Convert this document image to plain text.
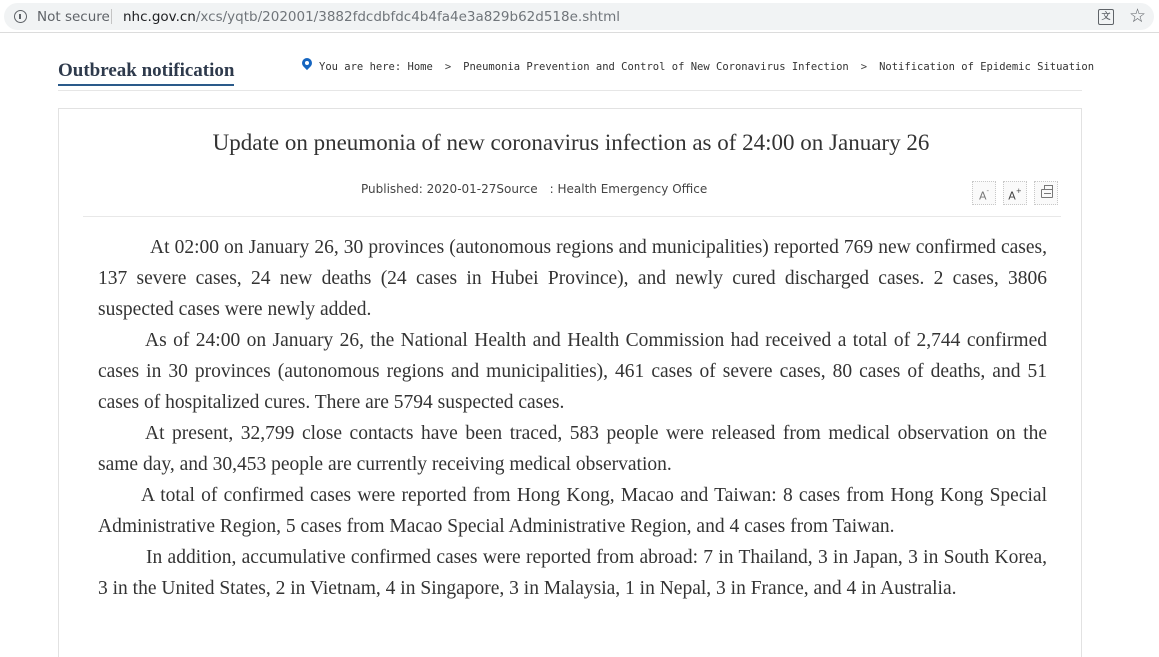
Not secure nhc.gov.cn/xcs/yqtb/202001/3882fdcdbfdc4b4fa4e3a829b62d518e.shtml	文 ☆
Outbreak notification	You are here: Home > Pneumonia Prevention and Control of New Coronavirus Infection > Notification of Epidemic Situation
Update on pneumonia of new coronavirus infection as of 24:00 on January 26
Published: 2020-01-27Source : Health Emergency Office
A-	A+

At 02:00 on January 26, 30 provinces (autonomous regions and municipalities) reported 769 new confirmed cases, 137 severe cases, 24 new deaths (24 cases in Hubei Province), and newly cured discharged cases. 2 cases, 3806 suspected cases were newly added.

As of 24:00 on January 26, the National Health and Health Commission had received a total of 2,744 confirmed cases in 30 provinces (autonomous regions and municipalities), 461 cases of severe cases, 80 cases of deaths, and 51 cases of hospitalized cures. There are 5794 suspected cases.

At present, 32,799 close contacts have been traced, 583 people were released from medical observation on the same day, and 30,453 people are currently receiving medical observation.

A total of confirmed cases were reported from Hong Kong, Macao and Taiwan: 8 cases from Hong Kong Special Administrative Region, 5 cases from Macao Special Administrative Region, and 4 cases from Taiwan.

In addition, accumulative confirmed cases were reported from abroad: 7 in Thailand, 3 in Japan, 3 in South Korea, 3 in the United States, 2 in Vietnam, 4 in Singapore, 3 in Malaysia, 1 in Nepal, 3 in France, and 4 in Australia.
